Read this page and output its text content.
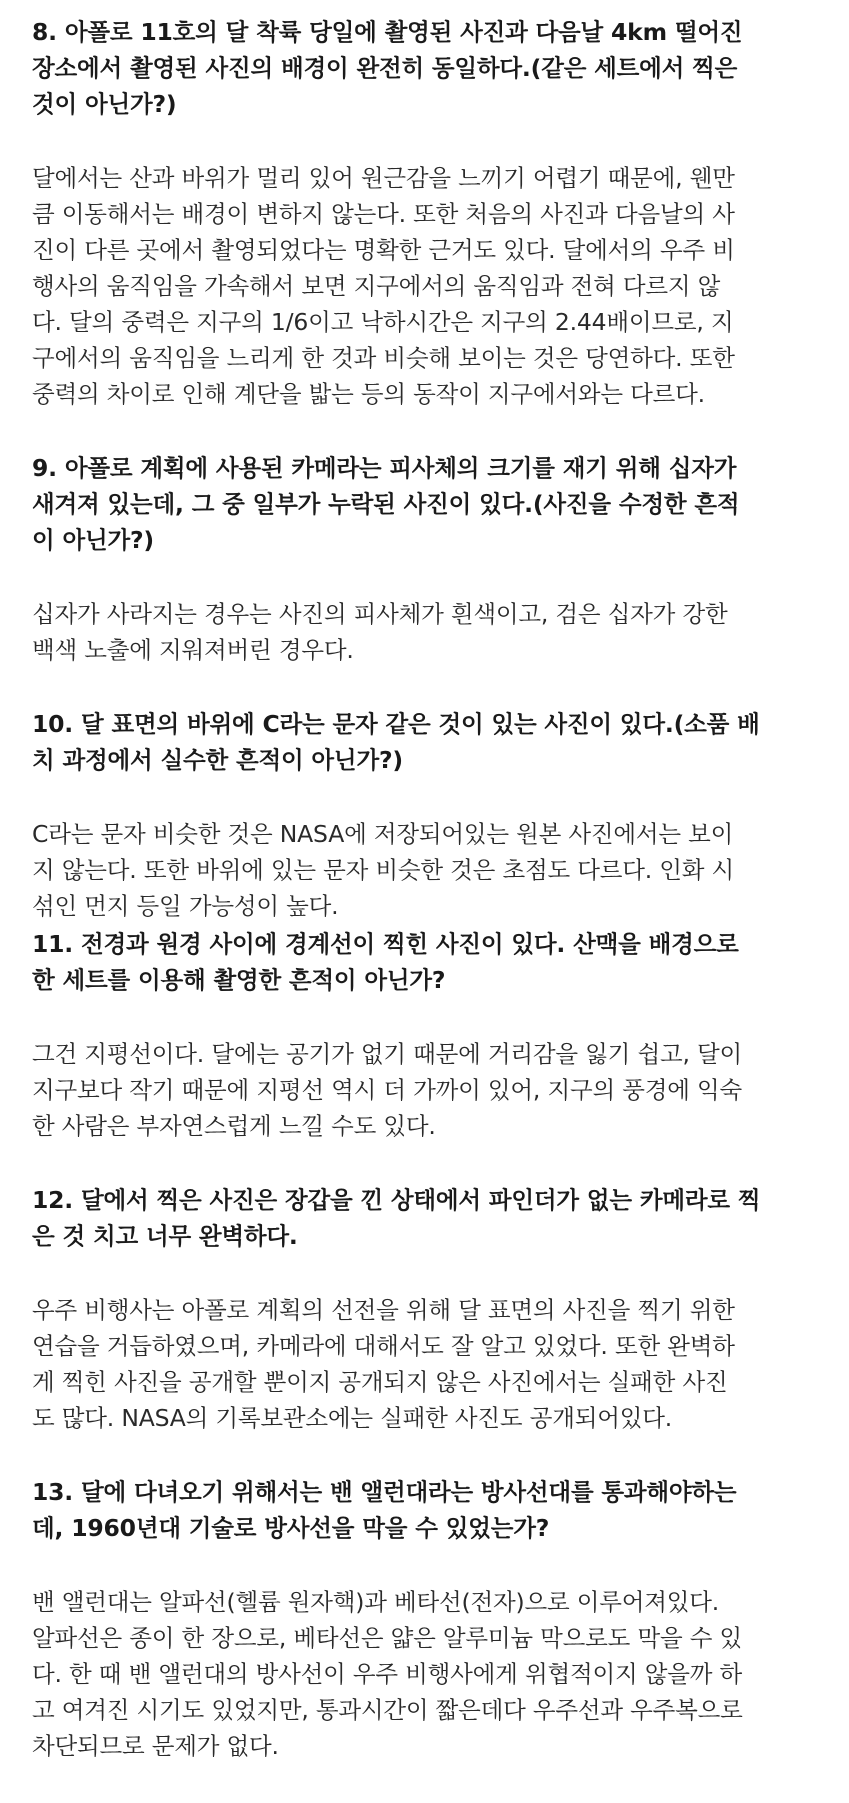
8. 아폴로 11호의 달 착륙 당일에 촬영된 사진과 다음날 4km 떨어진
장소에서 촬영된 사진의 배경이 완전히 동일하다.(같은 세트에서 찍은
것이 아닌가?)
달에서는 산과 바위가 멀리 있어 원근감을 느끼기 어렵기 때문에, 웬만
큼 이동해서는 배경이 변하지 않는다. 또한 처음의 사진과 다음날의 사
진이 다른 곳에서 촬영되었다는 명확한 근거도 있다. 달에서의 우주 비
행사의 움직임을 가속해서 보면 지구에서의 움직임과 전혀 다르지 않
다. 달의 중력은 지구의 1/6이고 낙하시간은 지구의 2.44배이므로, 지
구에서의 움직임을 느리게 한 것과 비슷해 보이는 것은 당연하다. 또한
중력의 차이로 인해 계단을 밟는 등의 동작이 지구에서와는 다르다.
9. 아폴로 계획에 사용된 카메라는 피사체의 크기를 재기 위해 십자가
새겨져 있는데, 그 중 일부가 누락된 사진이 있다.(사진을 수정한 흔적
이 아닌가?)
십자가 사라지는 경우는 사진의 피사체가 흰색이고, 검은 십자가 강한
백색 노출에 지워져버린 경우다.
10. 달 표면의 바위에 C라는 문자 같은 것이 있는 사진이 있다.(소품 배
치 과정에서 실수한 흔적이 아닌가?)
C라는 문자 비슷한 것은 NASA에 저장되어있는 원본 사진에서는 보이
지 않는다. 또한 바위에 있는 문자 비슷한 것은 초점도 다르다. 인화 시
섞인 먼지 등일 가능성이 높다.
11. 전경과 원경 사이에 경계선이 찍힌 사진이 있다. 산맥을 배경으로
한 세트를 이용해 촬영한 흔적이 아닌가?
그건 지평선이다. 달에는 공기가 없기 때문에 거리감을 잃기 쉽고, 달이
지구보다 작기 때문에 지평선 역시 더 가까이 있어, 지구의 풍경에 익숙
한 사람은 부자연스럽게 느낄 수도 있다.
12. 달에서 찍은 사진은 장갑을 낀 상태에서 파인더가 없는 카메라로 찍
은 것 치고 너무 완벽하다.
우주 비행사는 아폴로 계획의 선전을 위해 달 표면의 사진을 찍기 위한
연습을 거듭하였으며, 카메라에 대해서도 잘 알고 있었다. 또한 완벽하
게 찍힌 사진을 공개할 뿐이지 공개되지 않은 사진에서는 실패한 사진
도 많다. NASA의 기록보관소에는 실패한 사진도 공개되어있다.
13. 달에 다녀오기 위해서는 밴 앨런대라는 방사선대를 통과해야하는
데, 1960년대 기술로 방사선을 막을 수 있었는가?
밴 앨런대는 알파선(헬륨 원자핵)과 베타선(전자)으로 이루어져있다.
알파선은 종이 한 장으로, 베타선은 얇은 알루미늄 막으로도 막을 수 있
다. 한 때 밴 앨런대의 방사선이 우주 비행사에게 위협적이지 않을까 하
고 여겨진 시기도 있었지만, 통과시간이 짧은데다 우주선과 우주복으로
차단되므로 문제가 없다.
